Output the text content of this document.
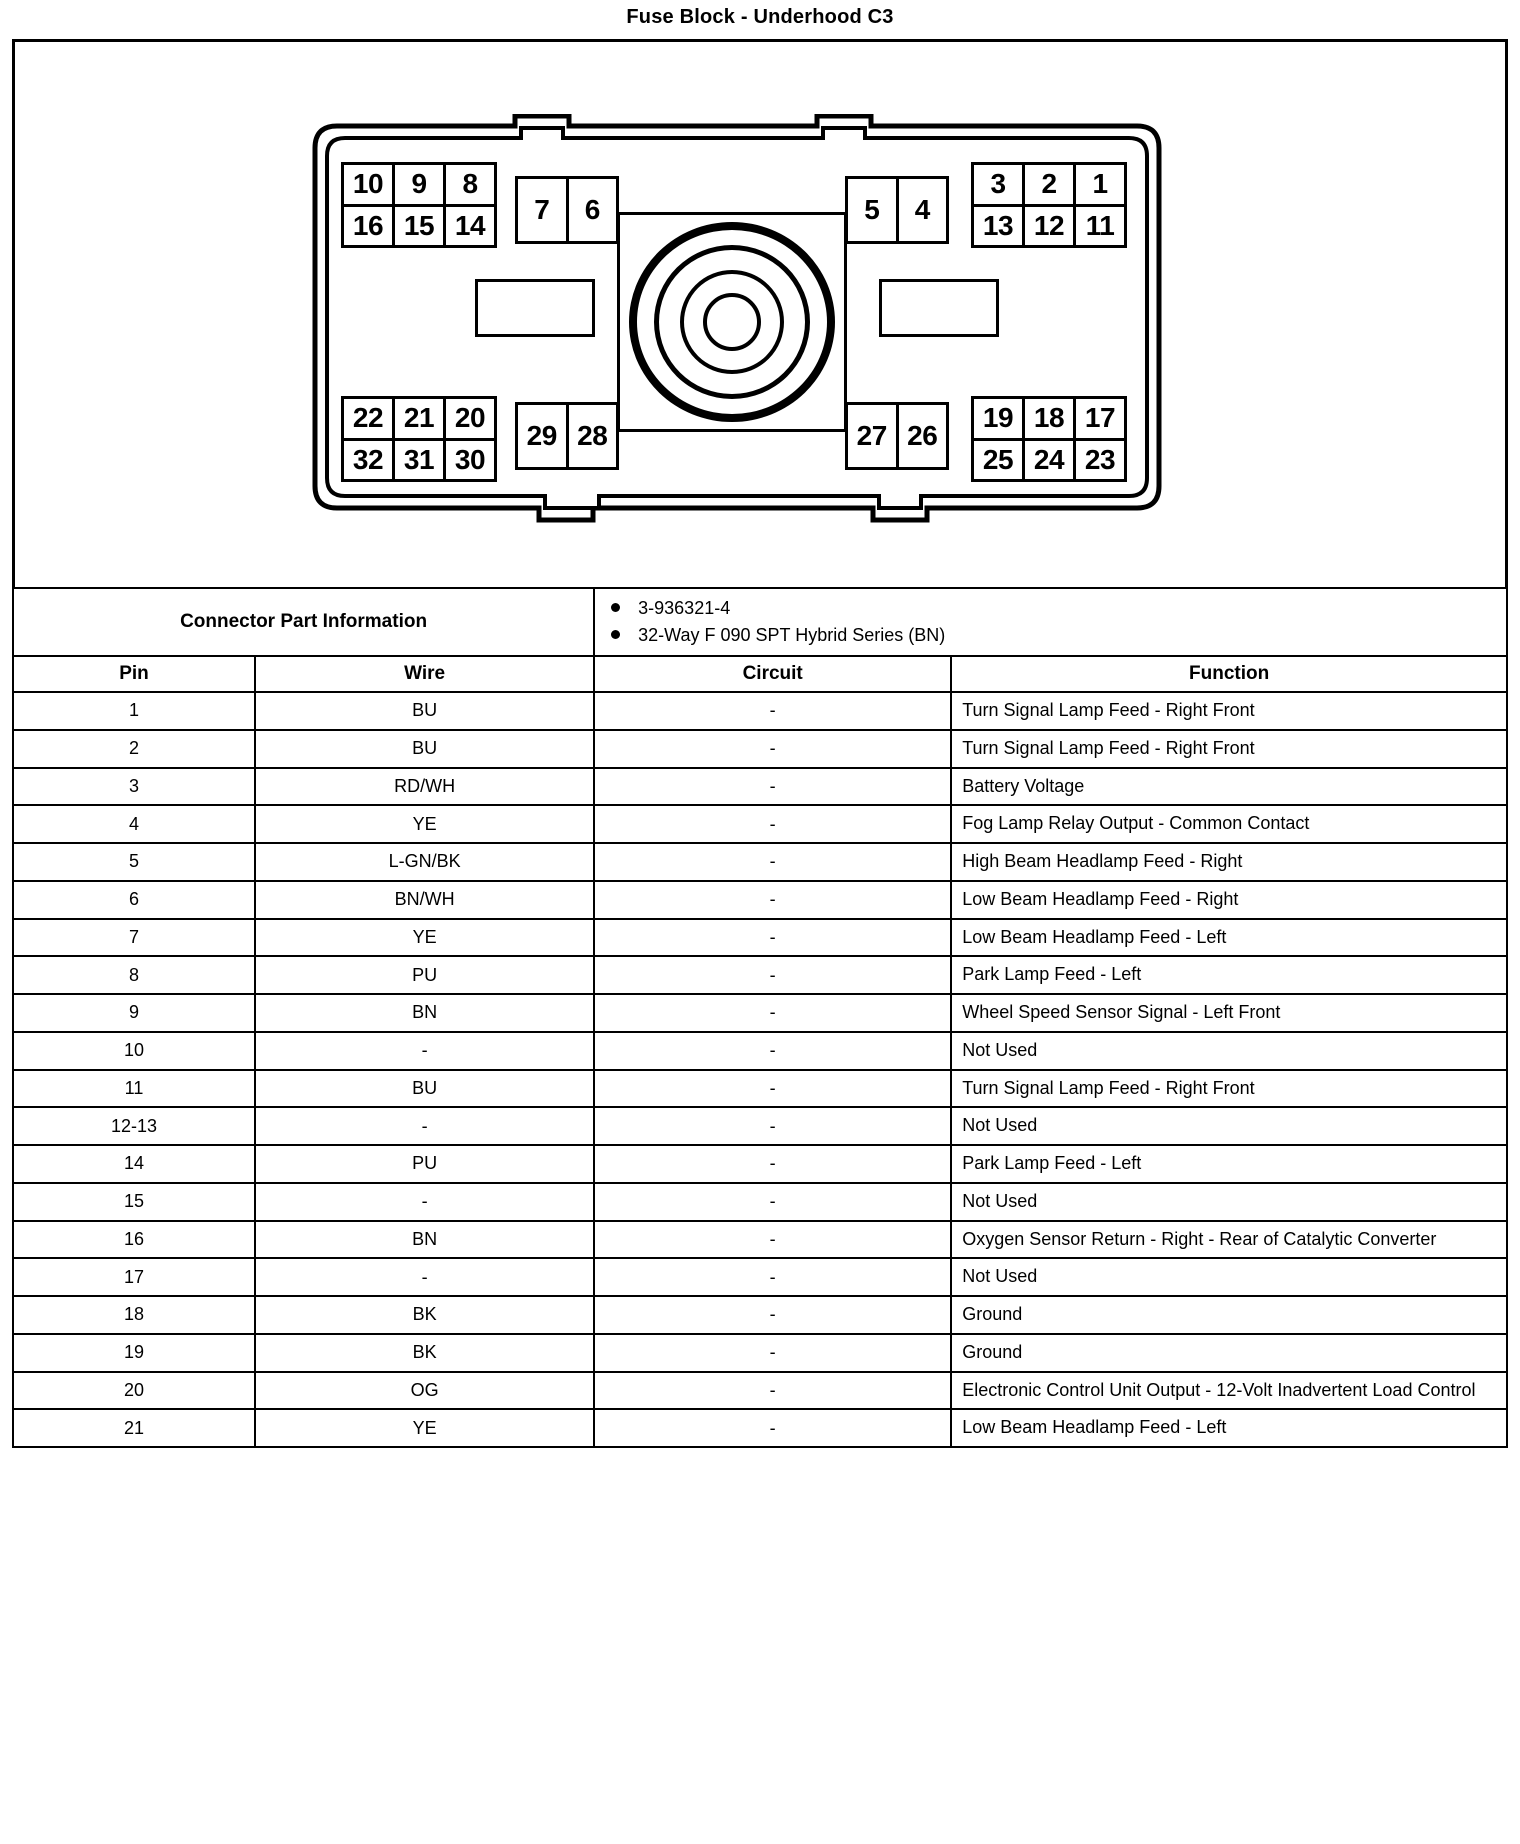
Fuse Block - Underhood C3
10	9	8
16 15 14
7	6	5	4
3	2	1
13 12 11
22 21 20
32 31 30
29 28	27 26
19 18 17
25 24 23
Connector Part Information		3-936321-4
32-Way F 090 SPT Hybrid Series (BN)	

Pin	Wire	Circuit	Function
1	BU	-	Turn Signal Lamp Feed - Right Front
2	BU	-	Turn Signal Lamp Feed - Right Front
3	RD/WH	-	Battery Voltage
4	YE	-	Fog Lamp Relay Output - Common Contact
5	L-GN/BK	-	High Beam Headlamp Feed - Right
6	BN/WH	-	Low Beam Headlamp Feed - Right
7	YE	-	Low Beam Headlamp Feed - Left
8	PU	-	Park Lamp Feed - Left
9	BN	-	Wheel Speed Sensor Signal - Left Front
10	-	-	Not Used
11	BU	-	Turn Signal Lamp Feed - Right Front
12-13	-	-	Not Used
14	PU	-	Park Lamp Feed - Left
15	-	-	Not Used
16	BN	-	Oxygen Sensor Return - Right - Rear of Catalytic Converter
17	-	-	Not Used
18	BK	-	Ground
19	BK	-	Ground
20	OG	-	Electronic Control Unit Output - 12-Volt Inadvertent Load Control
21	YE	-	Low Beam Headlamp Feed - Left
